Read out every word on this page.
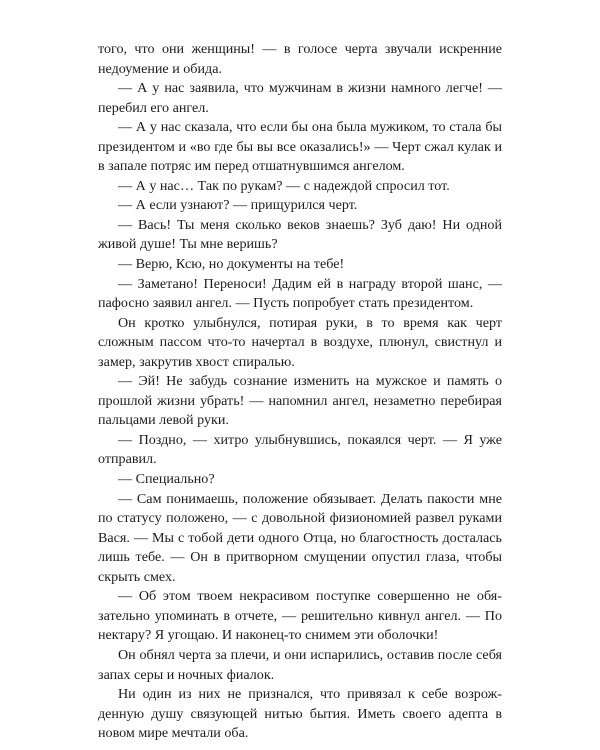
того, что они женщины! — в голосе черта звучали искренние недоумение и обида.

— А у нас заявила, что мужчинам в жизни намного легче! — перебил его ангел.

— А у нас сказала, что если бы она была мужиком, то стала бы президентом и «во где бы вы все оказались!» — Черт сжал кулак и в запале потряс им перед отшатнувшимся ангелом.

— А у нас… Так по рукам? — с надеждой спросил тот.

— А если узнают? — прищурился черт.

— Вась! Ты меня сколько веков знаешь? Зуб даю! Ни одной живой душе! Ты мне веришь?

— Верю, Ксю, но документы на тебе!

— Заметано! Переноси! Дадим ей в награду второй шанс, — пафосно заявил ангел. — Пусть попробует стать президентом.

Он кротко улыбнулся, потирая руки, в то время как черт сложным пассом что-то начертал в воздухе, плюнул, свистнул и замер, закрутив хвост спиралью.

— Эй! Не забудь сознание изменить на мужское и память о прошлой жизни убрать! — напомнил ангел, незаметно перебирая пальцами левой руки.

— Поздно, — хитро улыбнувшись, покаялся черт. — Я уже отправил.

— Специально?

— Сам понимаешь, положение обязывает. Делать пакости мне по статусу положено, — с довольной физиономией развел руками Вася. — Мы с тобой дети одного Отца, но благостность досталась лишь тебе. — Он в притворном смущении опустил глаза, чтобы скрыть смех.

— Об этом твоем некрасивом поступке совершенно не обязательно упоминать в отчете, — решительно кивнул ангел. — По нектару? Я угощаю. И наконец-то снимем эти оболочки!

Он обнял черта за плечи, и они испарились, оставив после себя запах серы и ночных фиалок.

Ни один из них не признался, что привязал к себе возрожденную душу связующей нитью бытия. Иметь своего адепта в новом мире мечтали оба.
